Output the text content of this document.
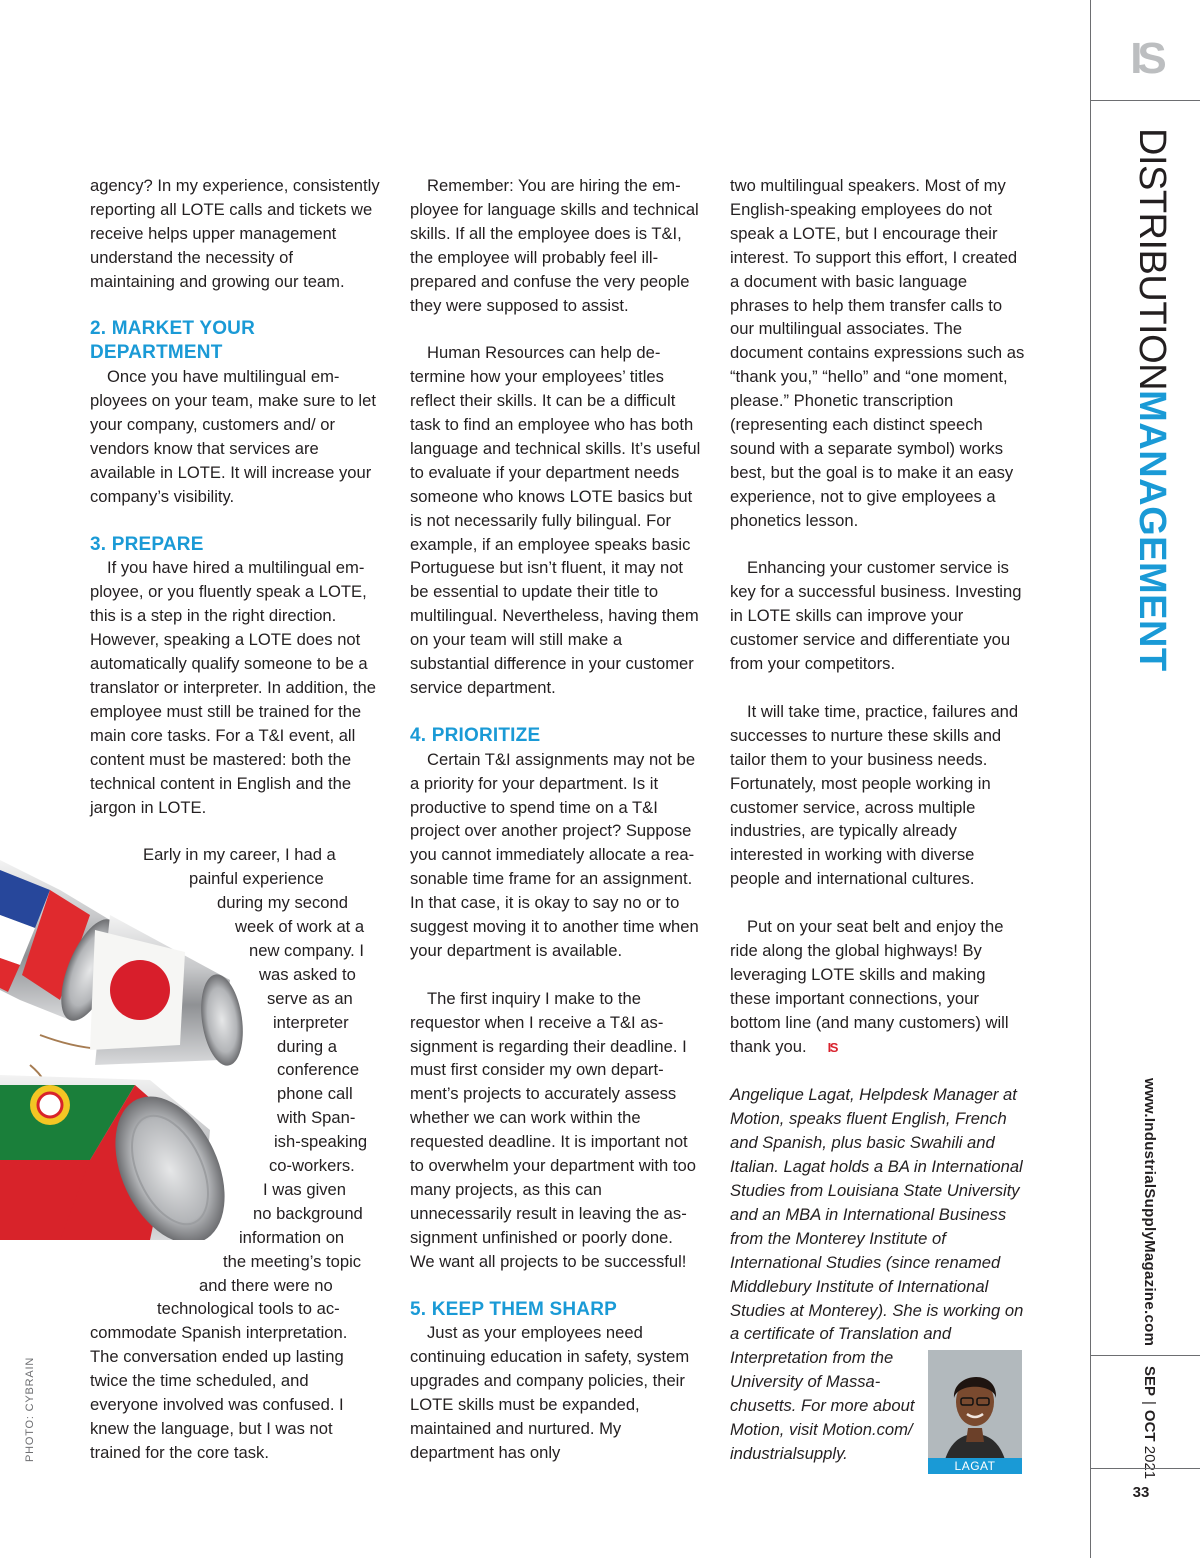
IS
DISTRIBUTIONMANAGEMENT
www.IndustrialSupplyMagazine.com
SEP|OCT 2021
33

agency? In my experience, consistently reporting all LOTE calls and tickets we receive helps upper management understand the necessity of maintaining and growing our team.

2. MARKET YOUR DEPARTMENT

Once you have multilingual employees on your team, make sure to let your company, customers and/ or vendors know that services are available in LOTE. It will increase your company’s visibility.

3. PREPARE

If you have hired a multilingual employee, or you fluently speak a LOTE, this is a step in the right direction. However, speaking a LOTE does not automatically qualify someone to be a translator or interpreter. In addition, the employee must still be trained for the main core tasks. For a T&I event, all content must be mastered: both the technical content in English and the jargon in LOTE.

Early in my career, I had a
painful experience
during my second
week of work at a
new company. I
was asked to
serve as an
interpreter
during a
conference
phone call
with Span-
ish-speaking
co-workers.
I was given
no background
information on
the meeting’s topic
and there were no
technological tools to ac-

commodate Spanish interpretation. The conversation ended up lasting twice the time scheduled, and everyone involved was confused. I knew the language, but I was not trained for the core task.

PHOTO: CYBRAIN

Remember: You are hiring the employee for language skills and technical skills. If all the employee does is T&I, the employee will probably feel ill-prepared and confuse the very people they were supposed to assist.

Human Resources can help determine how your employees’ titles reflect their skills. It can be a difficult task to find an employee who has both language and technical skills. It’s useful to evaluate if your department needs someone who knows LOTE basics but is not necessarily fully bilingual. For example, if an employee speaks basic Portuguese but isn’t fluent, it may not be essential to update their title to multilingual. Nevertheless, having them on your team will still make a substantial difference in your customer service department.

4. PRIORITIZE

Certain T&I assignments may not be a priority for your department. Is it productive to spend time on a T&I project over another project? Suppose you cannot immediately allocate a reasonable time frame for an assignment. In that case, it is okay to say no or to suggest moving it to another time when your department is available.

The first inquiry I make to the requestor when I receive a T&I assignment is regarding their deadline. I must first consider my own department’s projects to accurately assess whether we can work within the requested deadline. It is important not to overwhelm your department with too many projects, as this can unnecessarily result in leaving the assignment unfinished or poorly done. We want all projects to be successful!

5. KEEP THEM SHARP

Just as your employees need continuing education in safety, system upgrades and company policies, their LOTE skills must be expanded, maintained and nurtured. My department has only

two multilingual speakers. Most of my English-speaking employees do not speak a LOTE, but I encourage their interest. To support this effort, I created a document with basic language phrases to help them transfer calls to our multilingual associates. The document contains expressions such as “thank you,” “hello” and “one moment, please.” Phonetic transcription (representing each distinct speech sound with a separate symbol) works best, but the goal is to make it an easy experience, not to give employees a phonetics lesson.

Enhancing your customer service is key for a successful business. Investing in LOTE skills can improve your customer service and differentiate you from your competitors.

It will take time, practice, failures and successes to nurture these skills and tailor them to your business needs. Fortunately, most people working in customer service, across multiple industries, are typically already interested in working with diverse people and international cultures.

Put on your seat belt and enjoy the ride along the global highways! By leveraging LOTE skills and making these important connections, your bottom line (and many customers) will thank you. IS

Angelique Lagat, Helpdesk Manager at Motion, speaks fluent English, French and Spanish, plus basic Swahili and Italian. Lagat holds a BA in International Studies from Louisiana State University and an MBA in International Business from the Monterey Institute of International Studies (since renamed Middlebury Institute of International Studies at Monterey). She is working on a certificate of Translation and Interpretation from the University of Massachusetts. For more about Motion, visit Motion.com/ industrialsupply.

LAGAT
